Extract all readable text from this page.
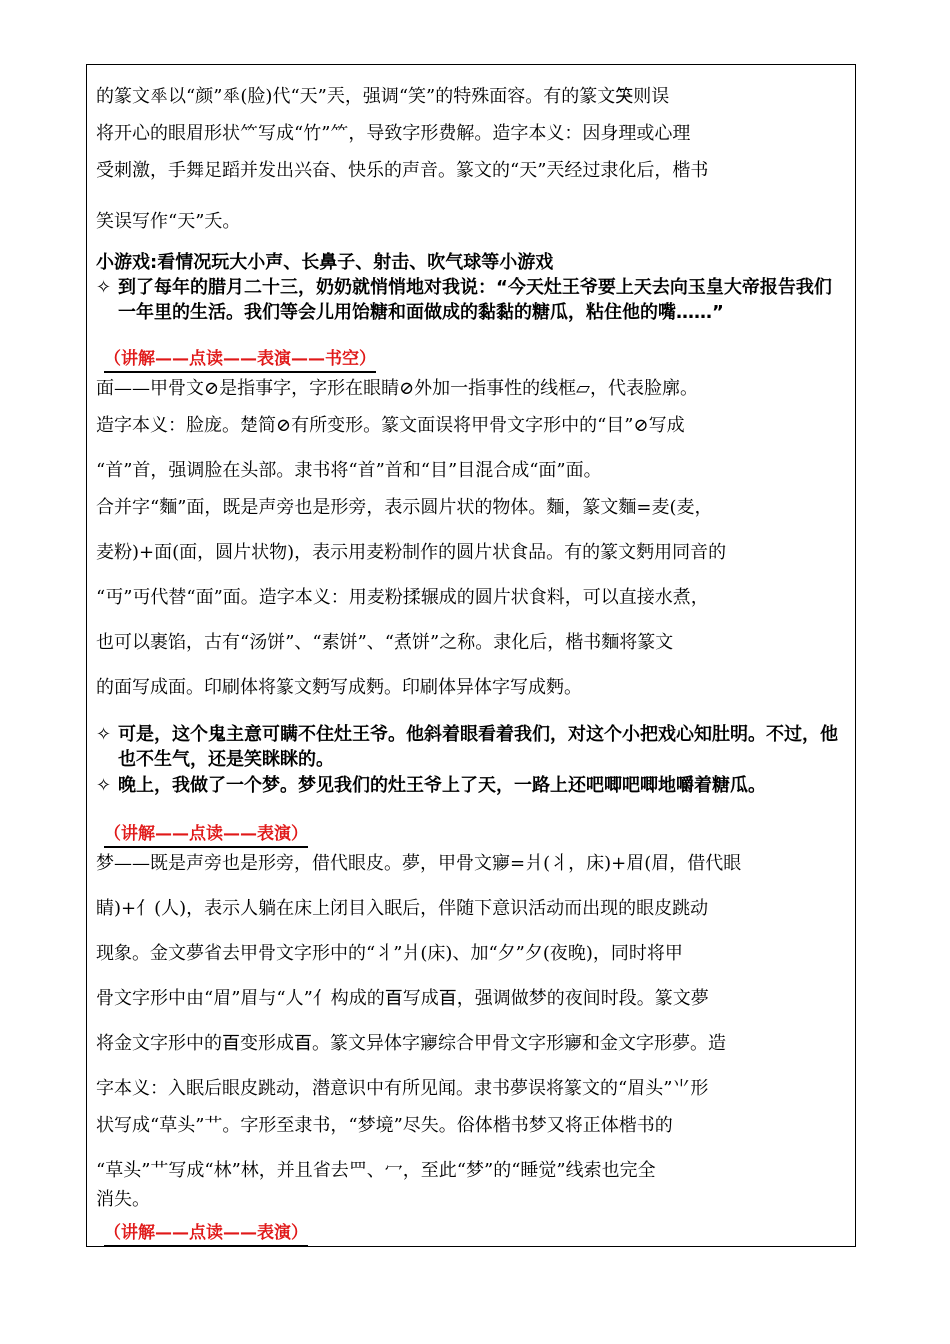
的篆文𠦬以“颜”𠦬(脸)代“天”兲，强调“笑”的特殊面容。有的篆文𥬇则误
将开心的眼眉形状⺮写成“竹”⺮，导致字形费解。造字本义：因身理或心理
受刺激，手舞足蹈并发出兴奋、快乐的声音。篆文的“天”兲经过隶化后，楷书
笑误写作“天”夭。
小游戏:看情况玩大小声、长鼻子、射击、吹气球等小游戏
✧ 到了每年的腊月二十三，奶奶就悄悄地对我说：“今天灶王爷要上天去向玉皇大帝报告我们一年里的生活。我们等会儿用饴糖和面做成的黏黏的糖瓜，粘住他的嘴……”
（讲解——点读——表演——书空）
面——甲骨文⊘是指事字，字形在眼睛⊘外加一指事性的线框▱，代表脸廓。
造字本义：脸庞。楚简⊘有所变形。篆文面误将甲骨文字形中的“目”⊘写成
“首”首，强调脸在头部。隶书将“首”首和“目”目混合成“面”面。
合并字“麵”面，既是声旁也是形旁，表示圆片状的物体。麵，篆文麵=麦(麦，
麦粉)+面(面，圆片状物)，表示用麦粉制作的圆片状食品。有的篆文麪用同音的
“丏”丏代替“面”面。造字本义：用麦粉揉辗成的圆片状食料，可以直接水煮，
也可以裹馅，古有“汤饼”、“素饼”、“煮饼”之称。隶化后，楷书麵将篆文
的面写成面。印刷体将篆文麪写成麪。印刷体异体字写成麪。
✧ 可是，这个鬼主意可瞒不住灶王爷。他斜着眼看着我们，对这个小把戏心知肚明。不过，他也不生气，还是笑眯眯的。
✧ 晚上，我做了一个梦。梦见我们的灶王爷上了天，一路上还吧唧吧唧地嚼着糖瓜。
（讲解——点读——表演）
梦——既是声旁也是形旁，借代眼皮。夢，甲骨文㝱=爿(丬，床)+眉(眉，借代眼
睛)+亻(人)，表示人躺在床上闭目入眠后，伴随下意识活动而出现的眼皮跳动
现象。金文夢省去甲骨文字形中的“丬”爿(床)、加“夕”夕(夜晚)，同时将甲
骨文字形中由“眉”眉与“人”亻构成的𦣻写成𦣻，强调做梦的夜间时段。篆文夢
将金文字形中的𦣻变形成𦣻。篆文异体字㝱综合甲骨文字形㝱和金文字形夢。造
字本义：入眠后眼皮跳动，潜意识中有所见闻。隶书夢误将篆文的“眉头”⺌形
状写成“草头”艹。字形至隶书，“梦境”尽失。俗体楷书梦又将正体楷书的
“草头”艹写成“林”林，并且省去罒、冖，至此“梦”的“睡觉”线索也完全
消失。
（讲解——点读——表演）
